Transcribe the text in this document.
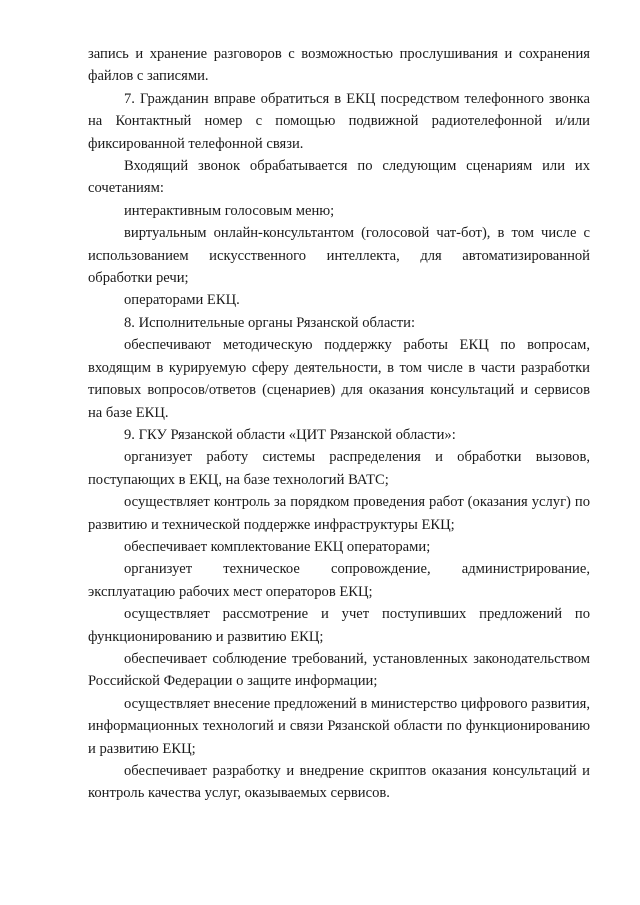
запись и хранение разговоров с возможностью прослушивания и сохранения файлов с записями.

7. Гражданин вправе обратиться в ЕКЦ посредством телефонного звонка на Контактный номер с помощью подвижной радиотелефонной и/или фиксированной телефонной связи.

Входящий звонок обрабатывается по следующим сценариям или их сочетаниям:

интерактивным голосовым меню;

виртуальным онлайн-консультантом (голосовой чат-бот), в том числе с использованием искусственного интеллекта, для автоматизированной обработки речи;

операторами ЕКЦ.

8. Исполнительные органы Рязанской области:

обеспечивают методическую поддержку работы ЕКЦ по вопросам, входящим в курируемую сферу деятельности, в том числе в части разработки типовых вопросов/ответов (сценариев) для оказания консультаций и сервисов на базе ЕКЦ.

9. ГКУ Рязанской области «ЦИТ Рязанской области»:

организует работу системы распределения и обработки вызовов, поступающих в ЕКЦ, на базе технологий ВАТС;

осуществляет контроль за порядком проведения работ (оказания услуг) по развитию и технической поддержке инфраструктуры ЕКЦ;

обеспечивает комплектование ЕКЦ операторами;

организует техническое сопровождение, администрирование, эксплуатацию рабочих мест операторов ЕКЦ;

осуществляет рассмотрение и учет поступивших предложений по функционированию и развитию ЕКЦ;

обеспечивает соблюдение требований, установленных законодательством Российской Федерации о защите информации;

осуществляет внесение предложений в министерство цифрового развития, информационных технологий и связи Рязанской области по функционированию и развитию ЕКЦ;

обеспечивает разработку и внедрение скриптов оказания консультаций и контроль качества услуг, оказываемых сервисов.
